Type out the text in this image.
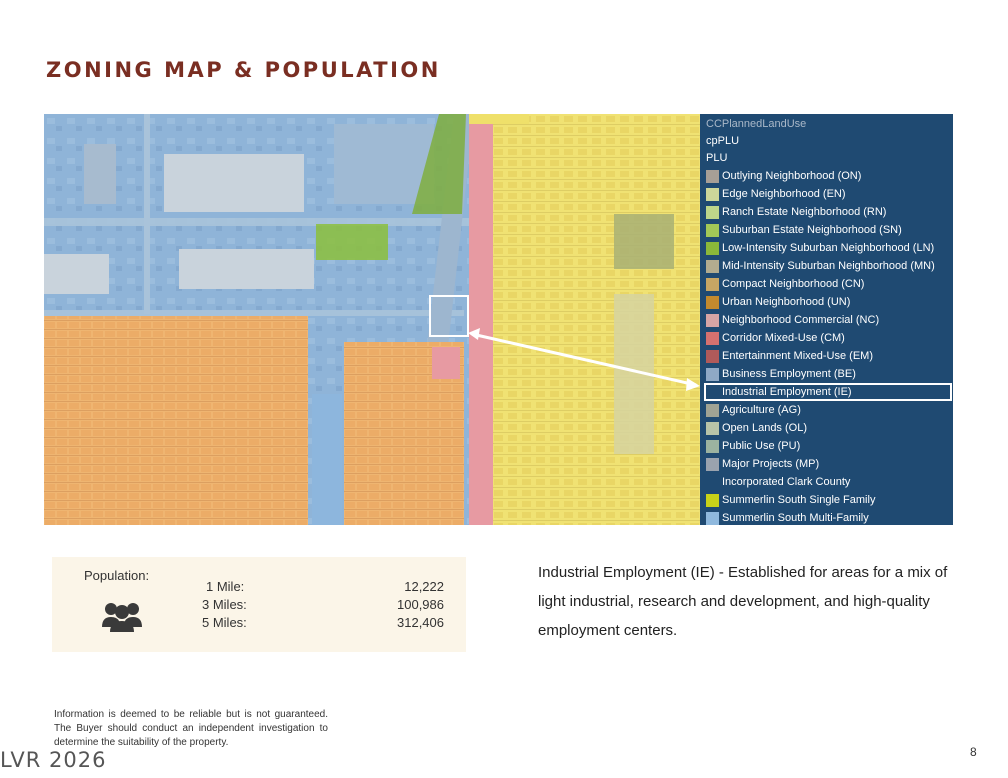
ZONING MAP & POPULATION
CCPlannedLandUse
cpPLU
PLU
Outlying Neighborhood (ON)
Edge Neighborhood (EN)
Ranch Estate Neighborhood (RN)
Suburban Estate Neighborhood (SN)
Low-Intensity Suburban Neighborhood (LN)
Mid-Intensity Suburban Neighborhood (MN)
Compact Neighborhood (CN)
Urban Neighborhood (UN)
Neighborhood Commercial (NC)
Corridor Mixed-Use (CM)
Entertainment Mixed-Use (EM)
Business Employment (BE)
Industrial Employment (IE)
Agriculture (AG)
Open Lands (OL)
Public Use (PU)
Major Projects (MP)
Incorporated Clark County
Summerlin South Single Family
Summerlin South Multi-Family
Population:
1 Mile:	12,222
3 Miles:	100,986
5 Miles:	312,406
Industrial Employment (IE) - Established for areas for a mix of light industrial, research and development, and high-quality employment centers.
Information is deemed to be reliable but is not guaranteed. The Buyer should conduct an independent investigation to determine the suitability of the property.
LVR 2026	8
